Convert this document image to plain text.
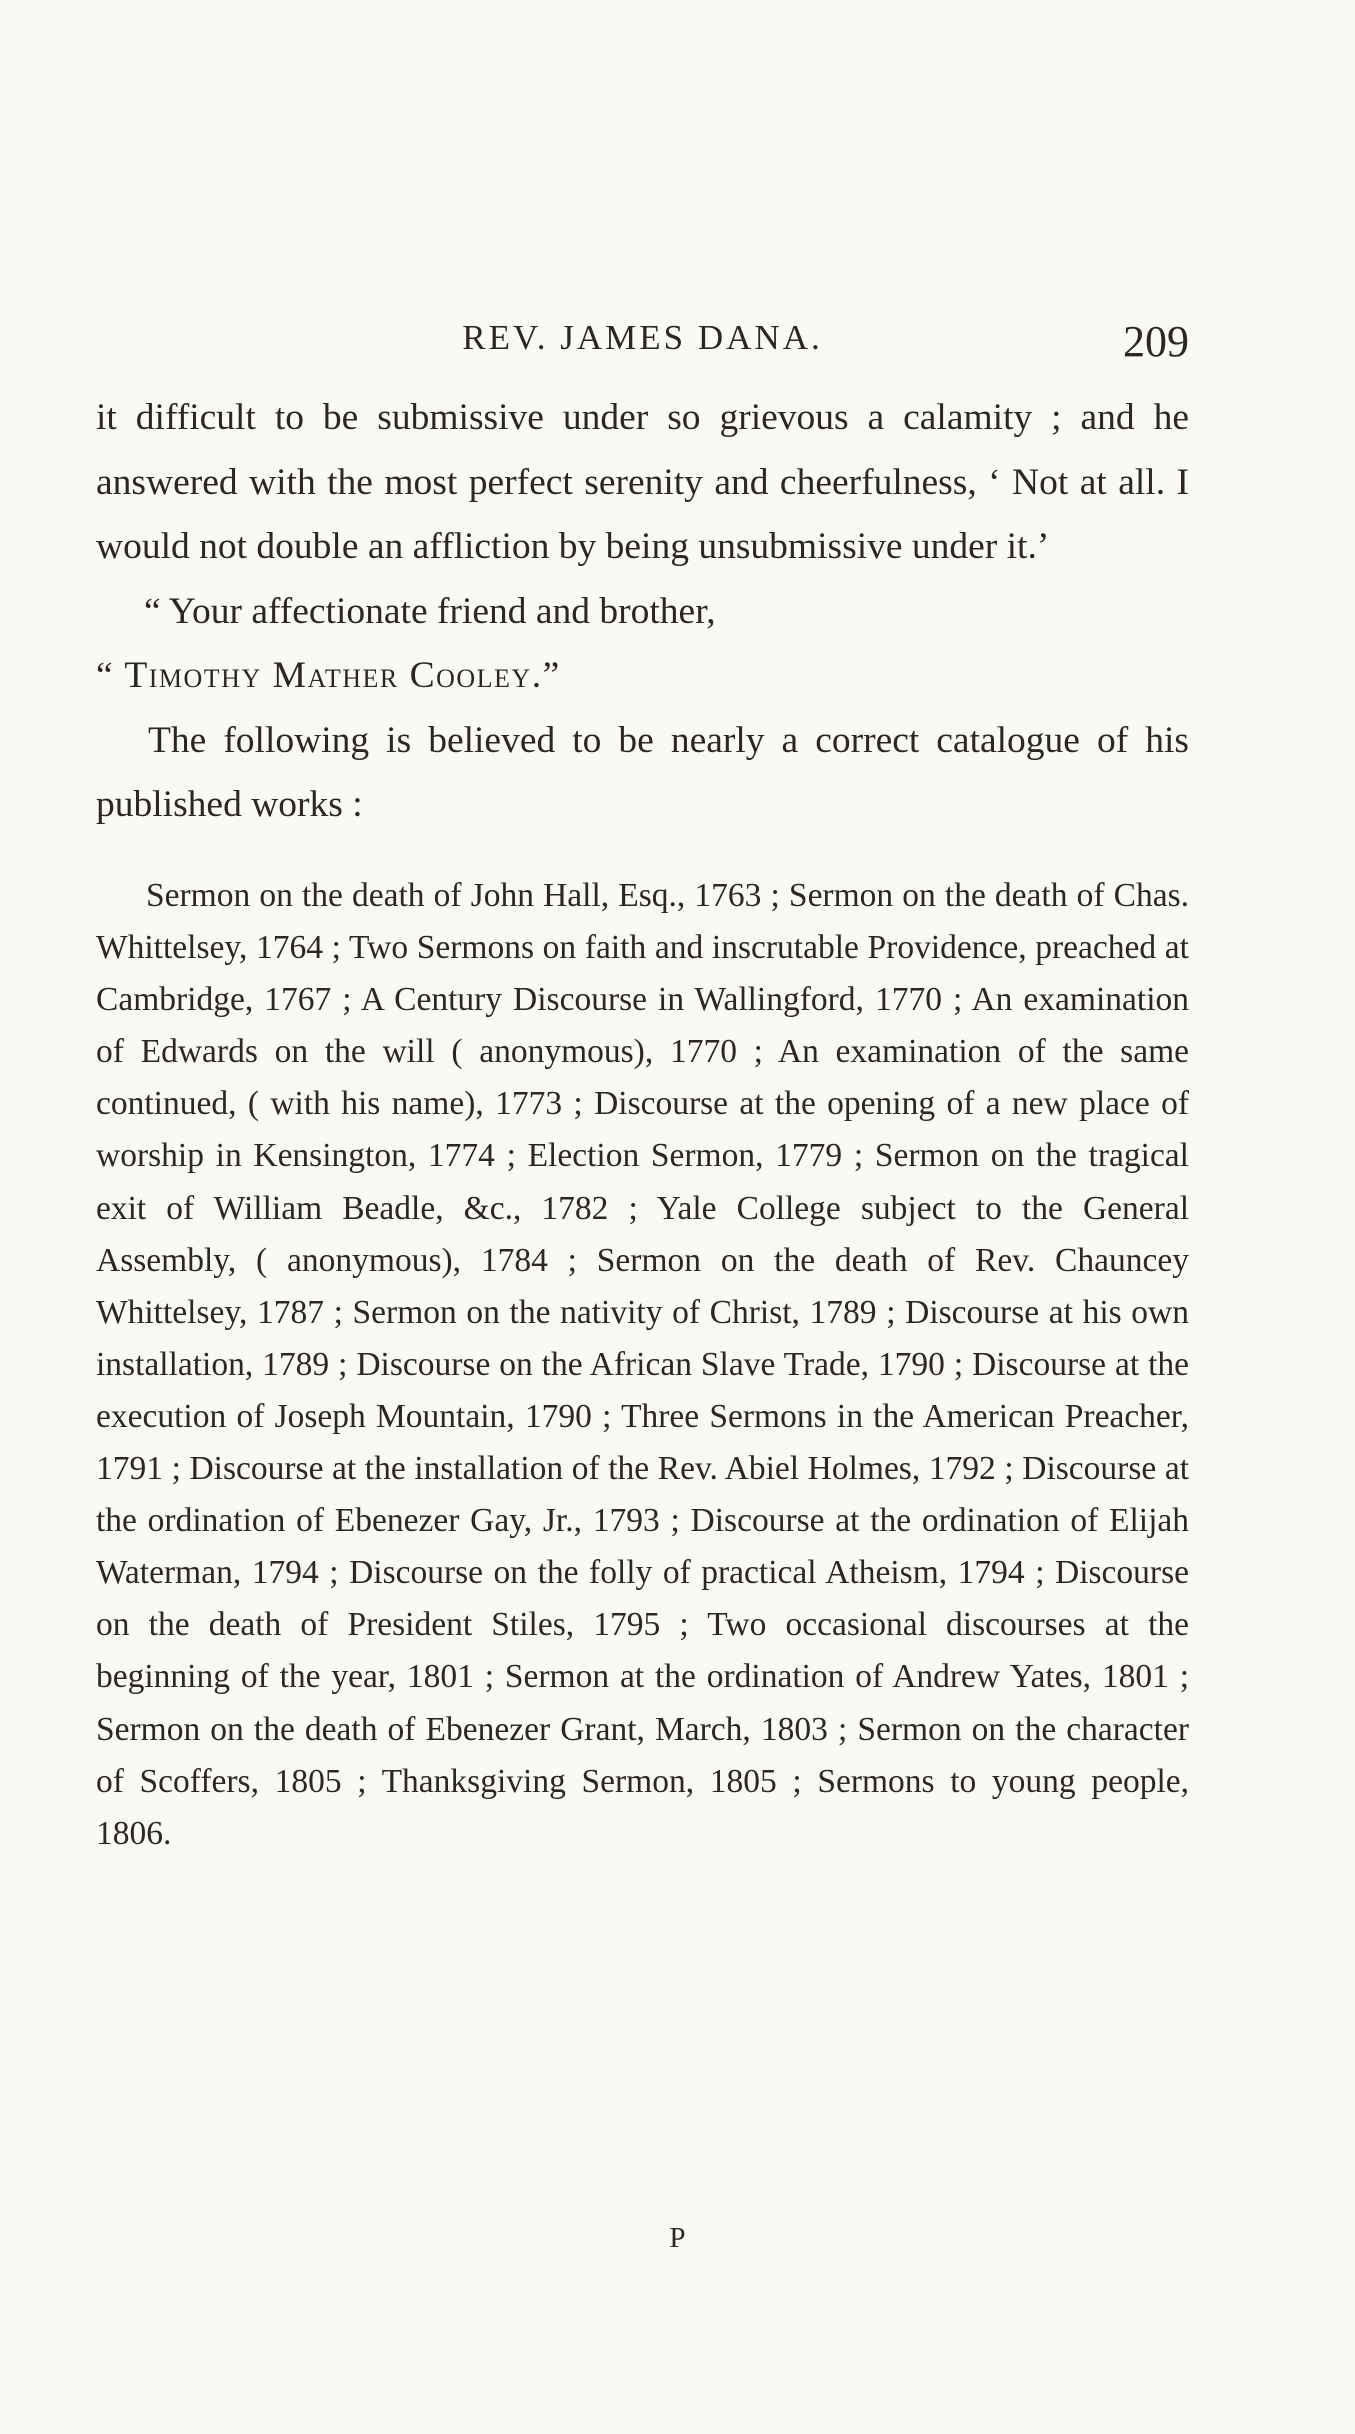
REV. JAMES DANA.	209

it difficult to be submissive under so grievous a calamity ; and he answered with the most perfect serenity and cheerfulness, ‘ Not at all. I would not double an affliction by being unsubmissive under it.’

“ Your affectionate friend and brother,

“ Timothy Mather Cooley.”

The following is believed to be nearly a correct catalogue of his published works :

Sermon on the death of John Hall, Esq., 1763 ; Sermon on the death of Chas. Whittelsey, 1764 ; Two Sermons on faith and inscrutable Providence, preached at Cambridge, 1767 ; A Century Discourse in Wallingford, 1770 ; An examination of Edwards on the will ( anonymous), 1770 ; An examination of the same continued, ( with his name), 1773 ; Discourse at the opening of a new place of worship in Kensington, 1774 ; Election Sermon, 1779 ; Sermon on the tragical exit of William Beadle, &c., 1782 ; Yale College subject to the General Assembly, ( anonymous), 1784 ; Sermon on the death of Rev. Chauncey Whittelsey, 1787 ; Sermon on the nativity of Christ, 1789 ; Discourse at his own installation, 1789 ; Discourse on the African Slave Trade, 1790 ; Discourse at the execution of Joseph Mountain, 1790 ; Three Sermons in the American Preacher, 1791 ; Discourse at the installation of the Rev. Abiel Holmes, 1792 ; Discourse at the ordination of Ebenezer Gay, Jr., 1793 ; Discourse at the ordination of Elijah Waterman, 1794 ; Discourse on the folly of practical Atheism, 1794 ; Discourse on the death of President Stiles, 1795 ; Two occasional discourses at the beginning of the year, 1801 ; Sermon at the ordination of Andrew Yates, 1801 ; Sermon on the death of Ebenezer Grant, March, 1803 ; Sermon on the character of Scoffers, 1805 ; Thanksgiving Sermon, 1805 ; Sermons to young people, 1806.

P
